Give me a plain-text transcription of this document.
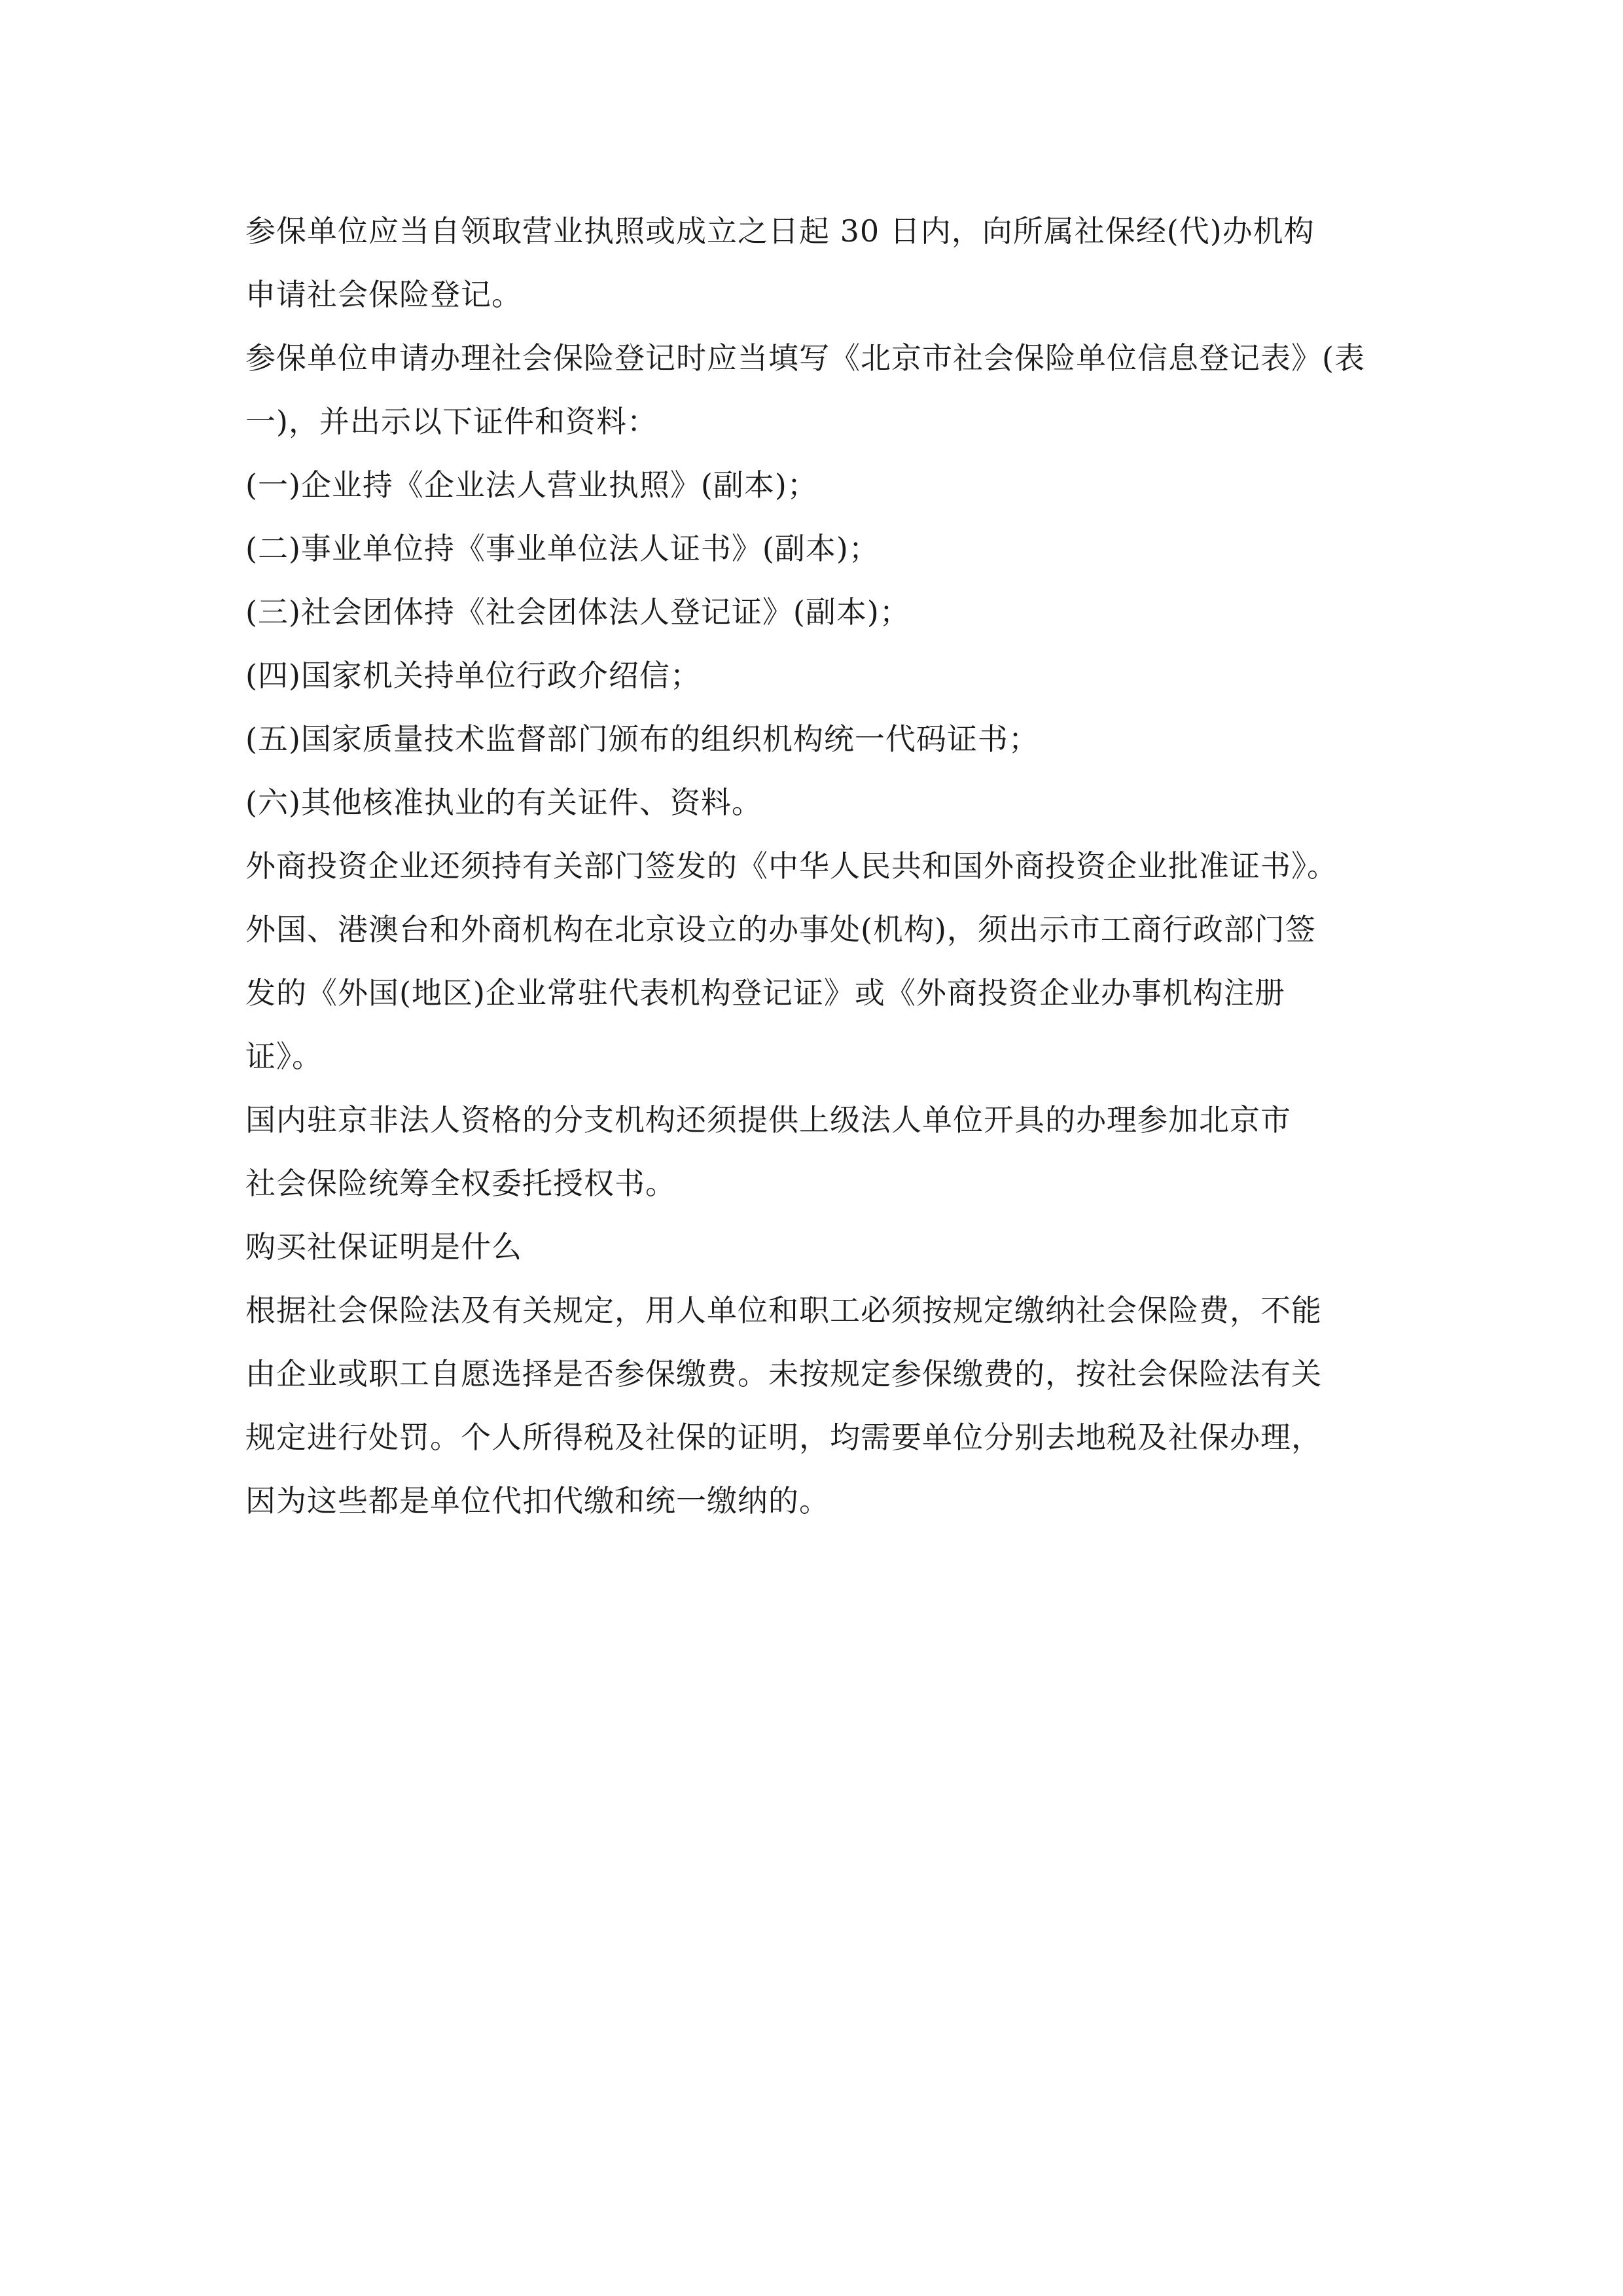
参保单位应当自领取营业执照或成立之日起 30 日内，向所属社保经(代)办机构
申请社会保险登记。

参保单位申请办理社会保险登记时应当填写《北京市社会保险单位信息登记表》(表
一)，并出示以下证件和资料：

(一)企业持《企业法人营业执照》(副本)；

(二)事业单位持《事业单位法人证书》(副本)；

(三)社会团体持《社会团体法人登记证》(副本)；

(四)国家机关持单位行政介绍信；

(五)国家质量技术监督部门颁布的组织机构统一代码证书；

(六)其他核准执业的有关证件、资料。

外商投资企业还须持有关部门签发的《中华人民共和国外商投资企业批准证书》。

外国、港澳台和外商机构在北京设立的办事处(机构)，须出示市工商行政部门签
发的《外国(地区)企业常驻代表机构登记证》或《外商投资企业办事机构注册
证》。

国内驻京非法人资格的分支机构还须提供上级法人单位开具的办理参加北京市
社会保险统筹全权委托授权书。

购买社保证明是什么

根据社会保险法及有关规定，用人单位和职工必须按规定缴纳社会保险费，不能
由企业或职工自愿选择是否参保缴费。未按规定参保缴费的，按社会保险法有关
规定进行处罚。个人所得税及社保的证明，均需要单位分别去地税及社保办理，
因为这些都是单位代扣代缴和统一缴纳的。
